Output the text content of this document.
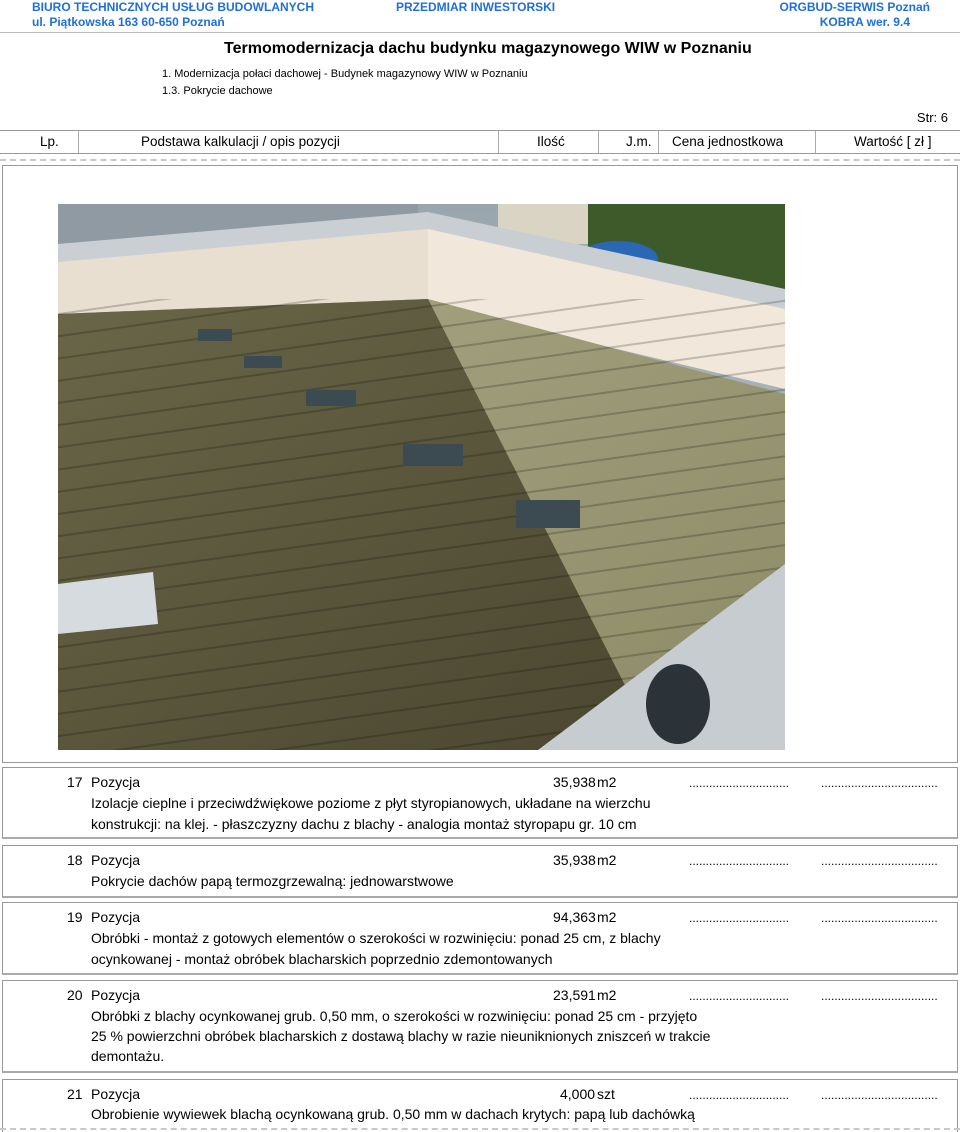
BIURO TECHNICZNYCH USŁUG BUDOWLANYCH
ul. Piątkowska 163 60-650 Poznań
PRZEDMIAR INWESTORSKI	ORGBUD-SERWIS Poznań
KOBRA wer. 9.4
Termomodernizacja dachu budynku magazynowego WIW w Poznaniu
1. Modernizacja połaci dachowej - Budynek magazynowy WIW w Poznaniu
1.3. Pokrycie dachowe
Str: 6
Lp.	Podstawa kalkulacji / opis pozycji	Ilość	J.m. Cena jednostkowa	Wartość [ zł ]
17 Pozycja	35,938 m2	..............................	...................................
Izolacje cieplne i przeciwdźwiękowe poziome z płyt styropianowych, układane na wierzchu
konstrukcji: na klej. - płaszczyzny dachu z blachy - analogia montaż styropapu gr. 10 cm
18 Pozycja	35,938 m2	..............................	...................................
Pokrycie dachów papą termozgrzewalną: jednowarstwowe
19 Pozycja	94,363 m2	..............................	...................................
Obróbki - montaż z gotowych elementów o szerokości w rozwinięciu: ponad 25 cm, z blachy
ocynkowanej - montaż obróbek blacharskich poprzednio zdemontowanych
20 Pozycja	23,591 m2	..............................	...................................
Obróbki z blachy ocynkowanej grub. 0,50 mm, o szerokości w rozwinięciu: ponad 25 cm - przyjęto
25 % powierzchni obróbek blacharskich z dostawą blachy w razie nieuniknionych zniszceń w trakcie
demontażu.
21 Pozycja	4,000 szt	..............................	...................................
Obrobienie wywiewek blachą ocynkowaną grub. 0,50 mm w dachach krytych: papą lub dachówką
